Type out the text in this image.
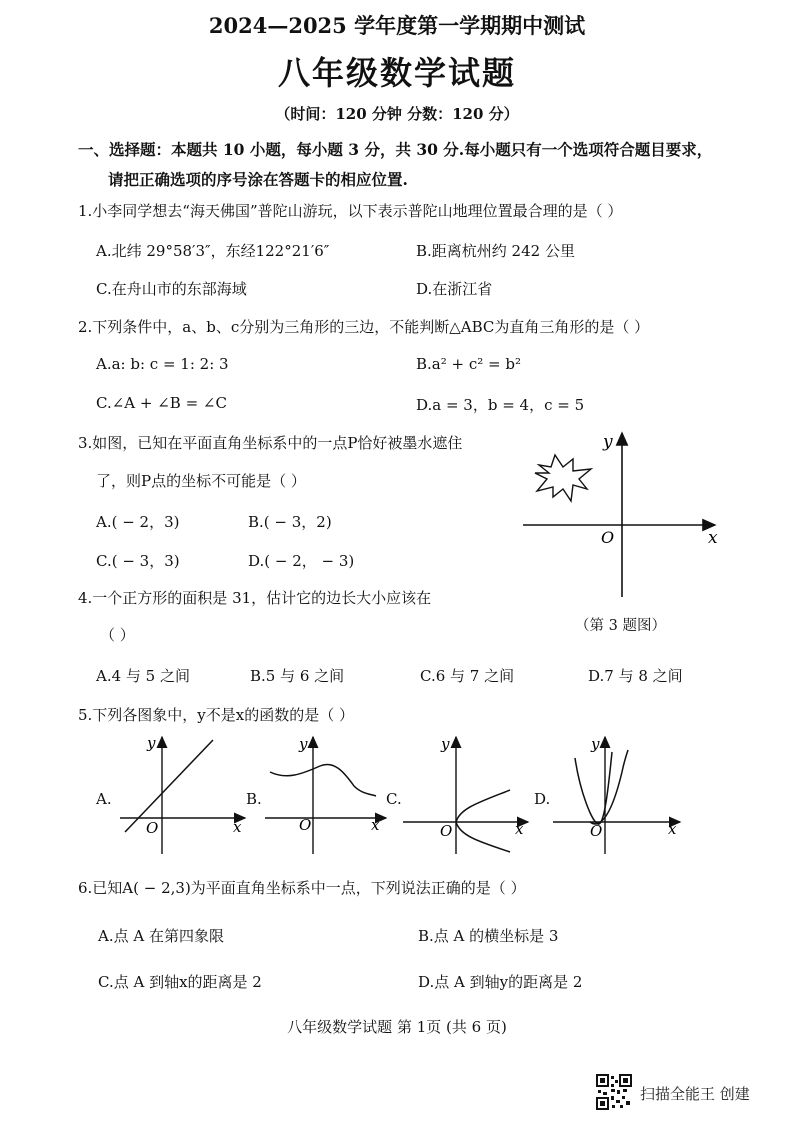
2024—2025 学年度第一学期期中测试
八年级数学试题
（时间：120 分钟 分数：120 分）
一、选择题：本题共 10 小题，每小题 3 分，共 30 分.每小题只有一个选项符合题目要求，
请把正确选项的序号涂在答题卡的相应位置.
1.小李同学想去“海天佛国”普陀山游玩，以下表示普陀山地理位置最合理的是（ ）
A.北纬 29°58′3″，东经122°21′6″	B.距离杭州约 242 公里
C.在舟山市的东部海域	D.在浙江省
2.下列条件中，a、b、c分别为三角形的三边，不能判断△ABC为直角三角形的是（ ）
A.a: b: c = 1: 2: 3	B.a² + c² = b²
C.∠A + ∠B = ∠C	D.a = 3，b = 4，c = 5
3.如图，已知在平面直角坐标系中的一点P恰好被墨水遮住
了，则P点的坐标不可能是（ ）
A.( − 2，3)	B.( − 3，2)
C.( − 3，3)	D.( − 2， − 3)
y
x
O
（第 3 题图）
4.一个正方形的面积是 31，估计它的边长大小应该在
（ ）
A.4 与 5 之间	B.5 与 6 之间	C.6 与 7 之间	D.7 与 8 之间
5.下列各图象中，y不是x的函数的是（ ）
A.
y
x
O
B.
y
x
O
C.
y
x
O
D.
y
x
O
6.已知A( − 2,3)为平面直角坐标系中一点，下列说法正确的是（ ）
A.点 A 在第四象限	B.点 A 的横坐标是 3
C.点 A 到轴x的距离是 2	D.点 A 到轴y的距离是 2
八年级数学试题 第 1页 (共 6 页)
扫描全能王 创建
